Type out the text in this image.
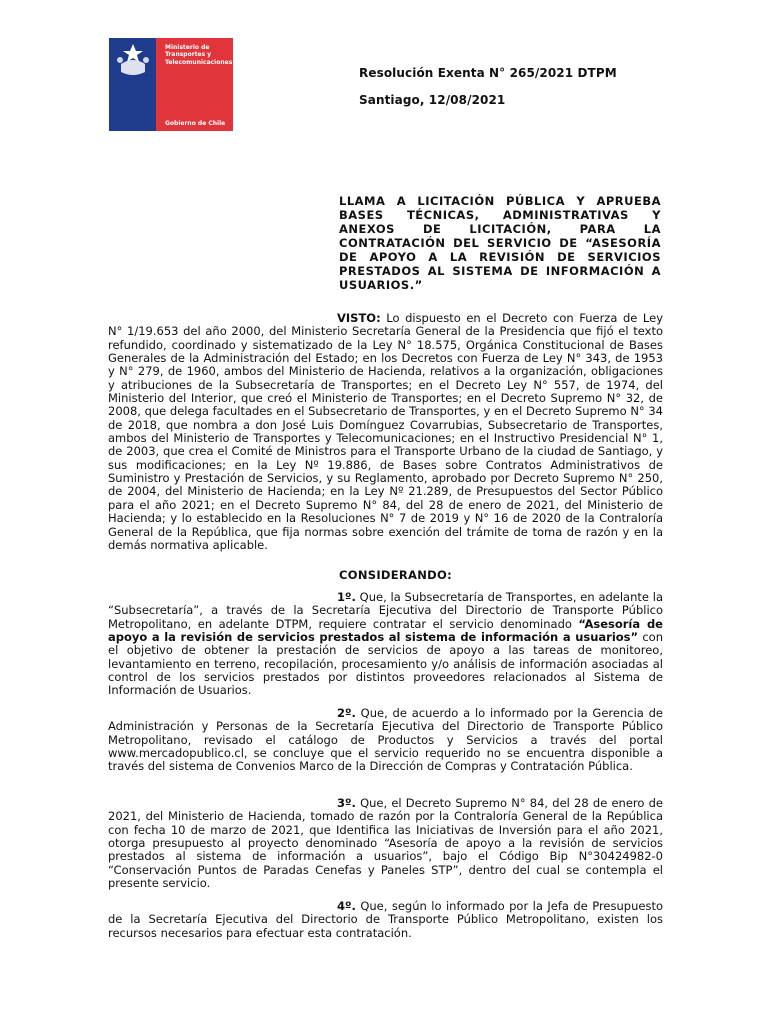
Ministerio de
Transportes y
Telecomunicaciones
Gobierno de Chile
Resolución Exenta N° 265/2021 DTPM
Santiago, 12/08/2021
LLAMA A LICITACIÓN PÚBLICA Y APRUEBA BASES TÉCNICAS, ADMINISTRATIVAS Y ANEXOS DE LICITACIÓN, PARA LA CONTRATACIÓN DEL SERVICIO DE “ASESORÍA DE APOYO A LA REVISIÓN DE SERVICIOS PRESTADOS AL SISTEMA DE INFORMACIÓN A USUARIOS.”
VISTO: Lo dispuesto en el Decreto con Fuerza de Ley N° 1/19.653 del año 2000, del Ministerio Secretaría General de la Presidencia que fijó el texto refundido, coordinado y sistematizado de la Ley N° 18.575, Orgánica Constitucional de Bases Generales de la Administración del Estado; en los Decretos con Fuerza de Ley N° 343, de 1953 y N° 279, de 1960, ambos del Ministerio de Hacienda, relativos a la organización, obligaciones y atribuciones de la Subsecretaría de Transportes; en el Decreto Ley N° 557, de 1974, del Ministerio del Interior, que creó el Ministerio de Transportes; en el Decreto Supremo N° 32, de 2008, que delega facultades en el Subsecretario de Transportes, y en el Decreto Supremo N° 34 de 2018, que nombra a don José Luis Domínguez Covarrubias, Subsecretario de Transportes, ambos del Ministerio de Transportes y Telecomunicaciones; en el Instructivo Presidencial N° 1, de 2003, que crea el Comité de Ministros para el Transporte Urbano de la ciudad de Santiago, y sus modificaciones; en la Ley Nº 19.886, de Bases sobre Contratos Administrativos de Suministro y Prestación de Servicios, y su Reglamento, aprobado por Decreto Supremo N° 250, de 2004, del Ministerio de Hacienda; en la Ley Nº 21.289, de Presupuestos del Sector Público para el año 2021; en el Decreto Supremo N° 84, del 28 de enero de 2021, del Ministerio de Hacienda; y lo establecido en la Resoluciones N° 7 de 2019 y N° 16 de 2020 de la Contraloría General de la República, que fija normas sobre exención del trámite de toma de razón y en la demás normativa aplicable.
CONSIDERANDO:
1º. Que, la Subsecretaría de Transportes, en adelante la “Subsecretaría”, a través de la Secretaría Ejecutiva del Directorio de Transporte Público Metropolitano, en adelante DTPM, requiere contratar el servicio denominado “Asesoría de apoyo a la revisión de servicios prestados al sistema de información a usuarios” con el objetivo de obtener la prestación de servicios de apoyo a las tareas de monitoreo, levantamiento en terreno, recopilación, procesamiento y/o análisis de información asociadas al control de los servicios prestados por distintos proveedores relacionados al Sistema de Información de Usuarios.
2º. Que, de acuerdo a lo informado por la Gerencia de Administración y Personas de la Secretaría Ejecutiva del Directorio de Transporte Público Metropolitano, revisado el catálogo de Productos y Servicios a través del portal www.mercadopublico.cl, se concluye que el servicio requerido no se encuentra disponible a través del sistema de Convenios Marco de la Dirección de Compras y Contratación Pública.
3º. Que, el Decreto Supremo N° 84, del 28 de enero de 2021, del Ministerio de Hacienda, tomado de razón por la Contraloría General de la República con fecha 10 de marzo de 2021, que Identifica las Iniciativas de Inversión para el año 2021, otorga presupuesto al proyecto denominado “Asesoría de apoyo a la revisión de servicios prestados al sistema de información a usuarios”, bajo el Código Bip N°30424982-0 “Conservación Puntos de Paradas Cenefas y Paneles STP”, dentro del cual se contempla el presente servicio.
4º. Que, según lo informado por la Jefa de Presupuesto de la Secretaría Ejecutiva del Directorio de Transporte Público Metropolitano, existen los recursos necesarios para efectuar esta contratación.
